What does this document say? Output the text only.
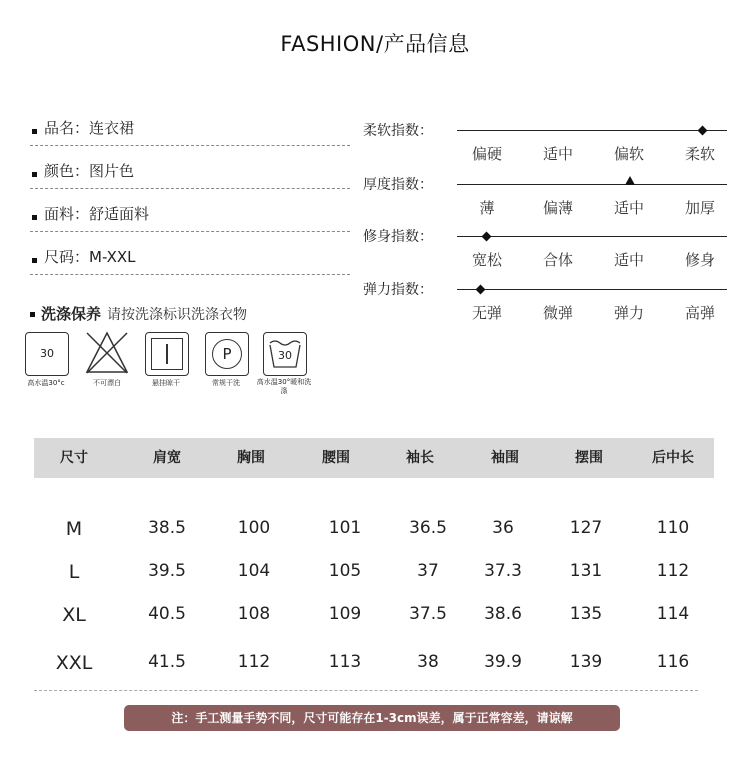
FASHION/产品信息
品名：连衣裙
颜色：图片色
面料：舒适面料
尺码：M-XXL
柔软指数：
偏硬	适中	偏软	柔软
厚度指数：
薄	偏薄	适中	加厚
修身指数：
宽松	合体	适中	修身
弹力指数：
无弹	微弹	弹力	高弹
洗涤保养 请按洗涤标识洗涤衣物
30
高水温30°c	不可漂白	悬挂晾干
P
常规干洗
30
高水温30°暖和洗涤
尺寸	肩宽	胸围	腰围	袖长	袖围	摆围	后中长
M	38.5	100	101	36.5	36	127	110
L	39.5	104	105	37	37.3	131	112
XL	40.5	108	109	37.5	38.6	135	114
XXL	41.5	112	113	38	39.9	139	116
注：手工测量手势不同，尺寸可能存在1-3cm误差，属于正常容差，请谅解
